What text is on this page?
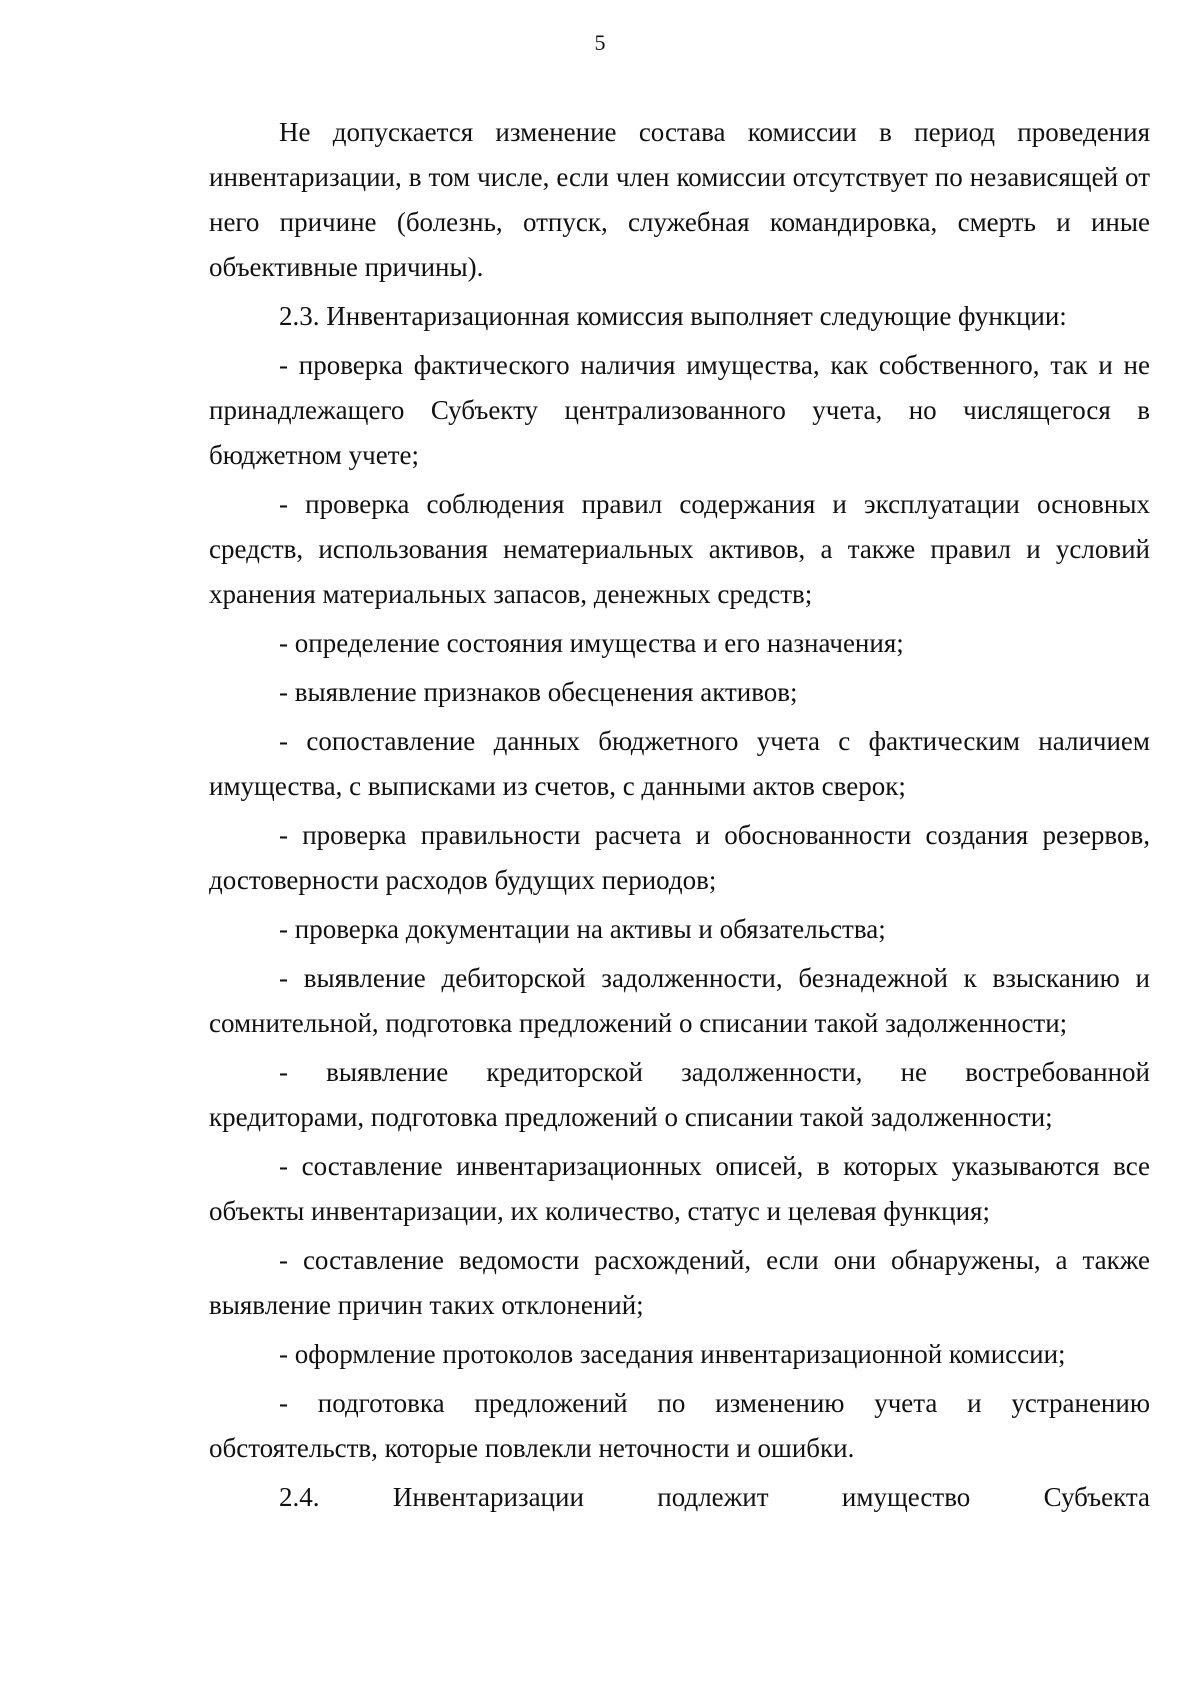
5

Не допускается изменение состава комиссии в период проведения инвентаризации, в том числе, если член комиссии отсутствует по независящей от него причине (болезнь, отпуск, служебная командировка, смерть и иные объективные причины).

2.3. Инвентаризационная комиссия выполняет следующие функции:

- проверка фактического наличия имущества, как собственного, так и не принадлежащего Субъекту централизованного учета, но числящегося в бюджетном учете;

- проверка соблюдения правил содержания и эксплуатации основных средств, использования нематериальных активов, а также правил и условий хранения материальных запасов, денежных средств;

- определение состояния имущества и его назначения;

- выявление признаков обесценения активов;

- сопоставление данных бюджетного учета с фактическим наличием имущества, с выписками из счетов, с данными актов сверок;

- проверка правильности расчета и обоснованности создания резервов, достоверности расходов будущих периодов;

- проверка документации на активы и обязательства;

- выявление дебиторской задолженности, безнадежной к взысканию и сомнительной, подготовка предложений о списании такой задолженности;

- выявление кредиторской задолженности, не востребованной кредиторами, подготовка предложений о списании такой задолженности;

- составление инвентаризационных описей, в которых указываются все объекты инвентаризации, их количество, статус и целевая функция;

- составление ведомости расхождений, если они обнаружены, а также выявление причин таких отклонений;

- оформление протоколов заседания инвентаризационной комиссии;

- подготовка предложений по изменению учета и устранению обстоятельств, которые повлекли неточности и ошибки.

2.4. Инвентаризации подлежит имущество Субъекта
